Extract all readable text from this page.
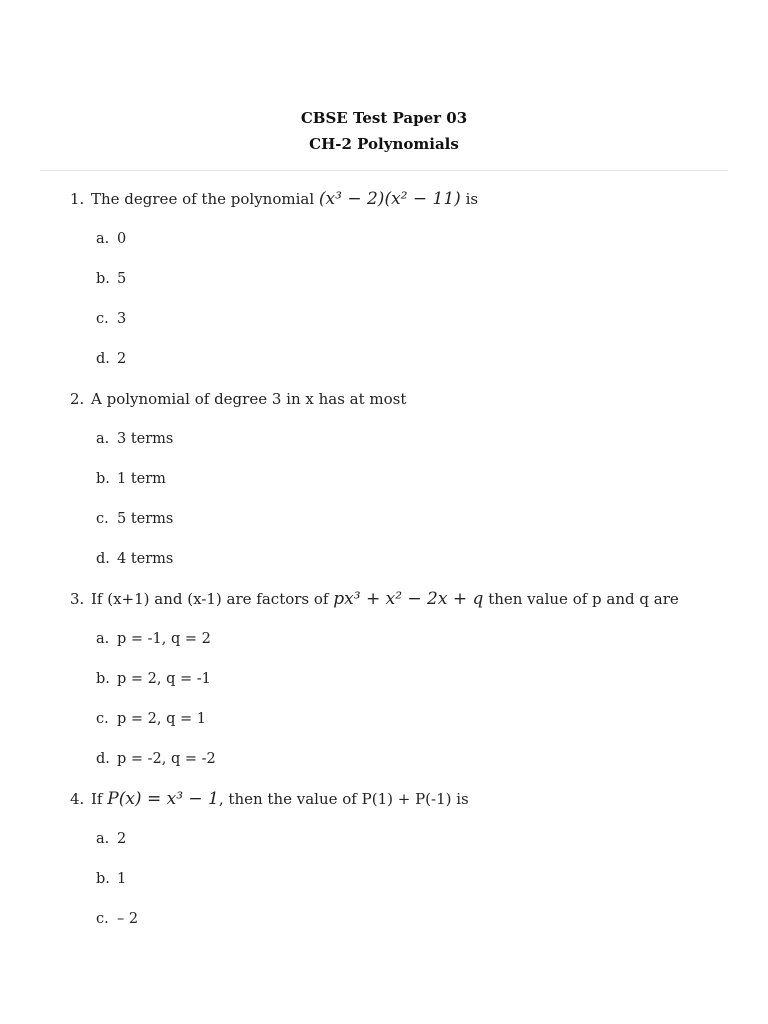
CBSE Test Paper 03
CH-2 Polynomials
1. The degree of the polynomial (x³ − 2)(x² − 11) is
a. 0
b. 5
c. 3
d. 2
2. A polynomial of degree 3 in x has at most
a. 3 terms
b. 1 term
c. 5 terms
d. 4 terms
3. If (x+1) and (x-1) are factors of px³ + x² − 2x + q then value of p and q are
a. p = -1, q = 2
b. p = 2, q = -1
c. p = 2, q = 1
d. p = -2, q = -2
4. If P(x) = x³ − 1, then the value of P(1) + P(-1) is
a. 2
b. 1
c. – 2
